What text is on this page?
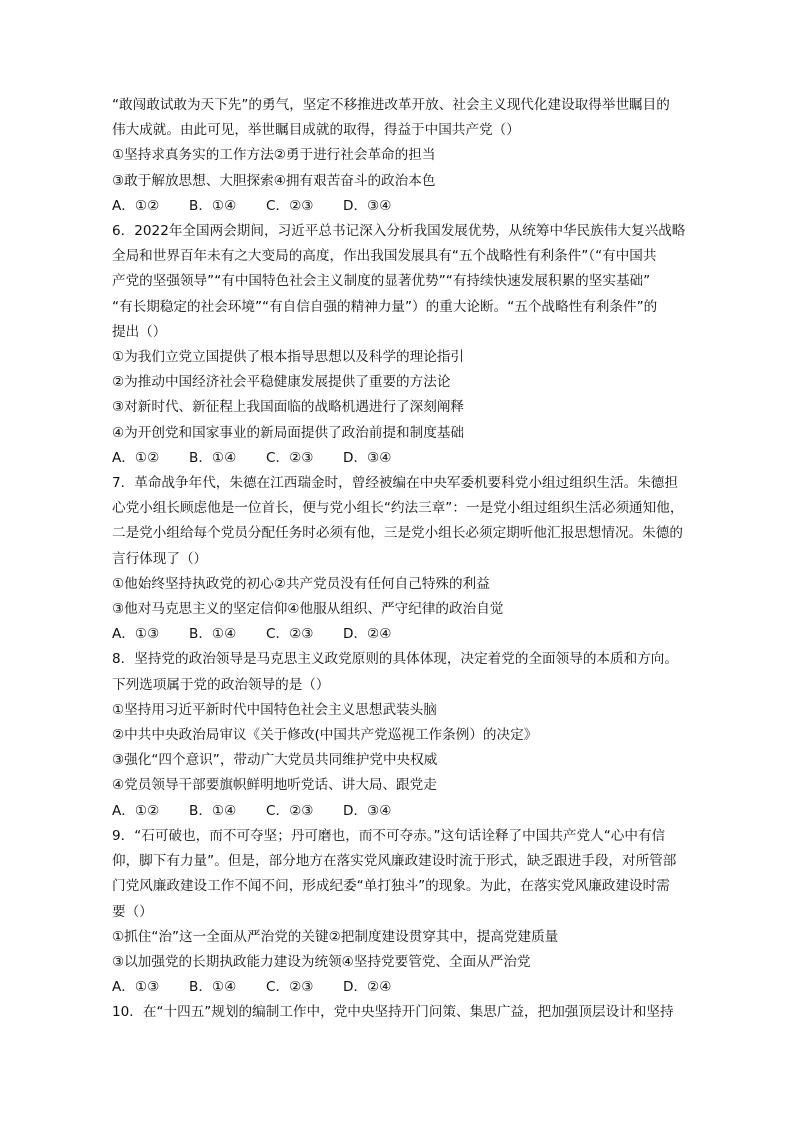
“敢闯敢试敢为天下先”的勇气，坚定不移推进改革开放、社会主义现代化建设取得举世瞩目的
伟大成就。由此可见，举世瞩目成就的取得，得益于中国共产党（）
①坚持求真务实的工作方法②勇于进行社会革命的担当
③敢于解放思想、大胆探索④拥有艰苦奋斗的政治本色
A．①②	B．①④	C．②③	D．③④
6．2022年全国两会期间，习近平总书记深入分析我国发展优势，从统筹中华民族伟大复兴战略
全局和世界百年未有之大变局的高度，作出我国发展具有“五个战略性有利条件”（“有中国共
产党的坚强领导”“有中国特色社会主义制度的显著优势”“有持续快速发展积累的坚实基础”
“有长期稳定的社会环境”“有自信自强的精神力量”）的重大论断。“五个战略性有利条件”的
提出（）
①为我们立党立国提供了根本指导思想以及科学的理论指引
②为推动中国经济社会平稳健康发展提供了重要的方法论
③对新时代、新征程上我国面临的战略机遇进行了深刻阐释
④为开创党和国家事业的新局面提供了政治前提和制度基础
A．①②	B．①④	C．②③	D．③④
7．革命战争年代，朱德在江西瑞金时，曾经被编在中央军委机要科党小组过组织生活。朱德担
心党小组长顾虑他是一位首长，便与党小组长“约法三章”：一是党小组过组织生活必须通知他，
二是党小组给每个党员分配任务时必须有他，三是党小组长必须定期听他汇报思想情况。朱德的
言行体现了（）
①他始终坚持执政党的初心②共产党员没有任何自己特殊的利益
③他对马克思主义的坚定信仰④他服从组织、严守纪律的政治自觉
A．①③	B．①④	C．②③	D．②④
8．坚持党的政治领导是马克思主义政党原则的具体体现，决定着党的全面领导的本质和方向。
下列选项属于党的政治领导的是（）
①坚持用习近平新时代中国特色社会主义思想武装头脑
②中共中央政治局审议《关于修改(中国共产党巡视工作条例）的决定》
③强化“四个意识”，带动广大党员共同维护党中央权威
④党员领导干部要旗帜鲜明地听党话、讲大局、跟党走
A．①②	B．①④	C．②③	D．③④
9．“石可破也，而不可夺坚；丹可磨也，而不可夺赤。”这句话诠释了中国共产党人“心中有信
仰，脚下有力量”。但是，部分地方在落实党风廉政建设时流于形式，缺乏跟进手段，对所管部
门党风廉政建设工作不闻不问，形成纪委“单打独斗”的现象。为此，在落实党风廉政建设时需
要（）
①抓住“治”这一全面从严治党的关键②把制度建设贯穿其中，提高党建质量
③以加强党的长期执政能力建设为统领④坚持党要管党、全面从严治党
A．①③	B．①④	C．②③	D．②④
10．在“十四五”规划的编制工作中，党中央坚持开门问策、集思广益，把加强顶层设计和坚持
